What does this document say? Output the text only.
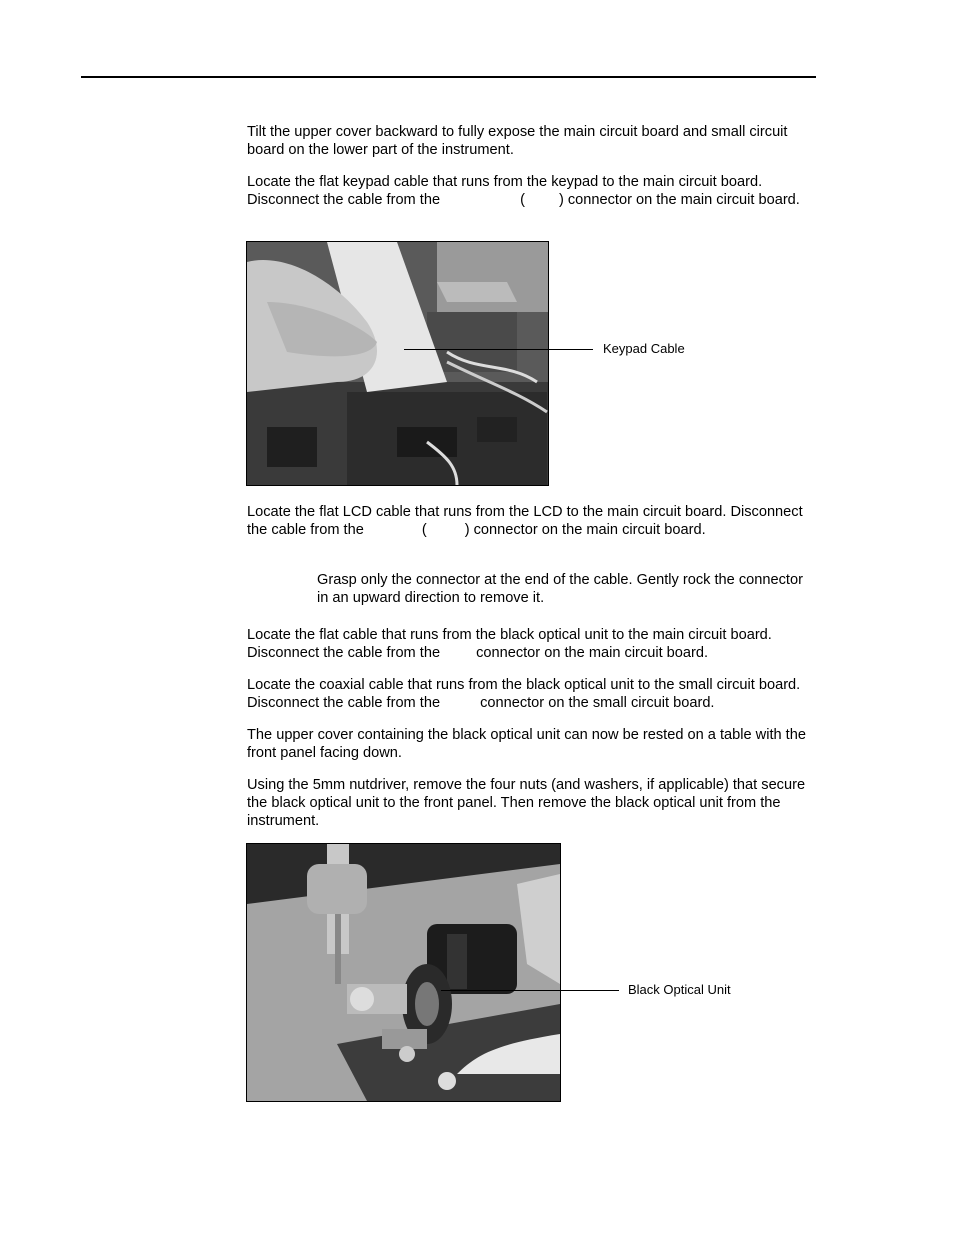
Tilt the upper cover backward to fully expose the main circuit board and small circuit board on the lower part of the instrument.

Locate the flat keypad cable that runs from the keypad to the main circuit board. Disconnect the cable from the	( ) connector on the main circuit board.

Keypad Cable

Locate the flat LCD cable that runs from the LCD to the main circuit board. Disconnect the cable from the	(	) connector on the main circuit board.

Grasp only the connector at the end of the cable. Gently rock the connector in an upward direction to remove it.

Locate the flat cable that runs from the black optical unit to the main circuit board. Disconnect the cable from the connector on the main circuit board.

Locate the coaxial cable that runs from the black optical unit to the small circuit board. Disconnect the cable from the	connector on the small circuit board.

The upper cover containing the black optical unit can now be rested on a table with the front panel facing down.

Using the 5mm nutdriver, remove the four nuts (and washers, if applicable) that secure the black optical unit to the front panel. Then remove the black optical unit from the instrument.

Black Optical Unit
